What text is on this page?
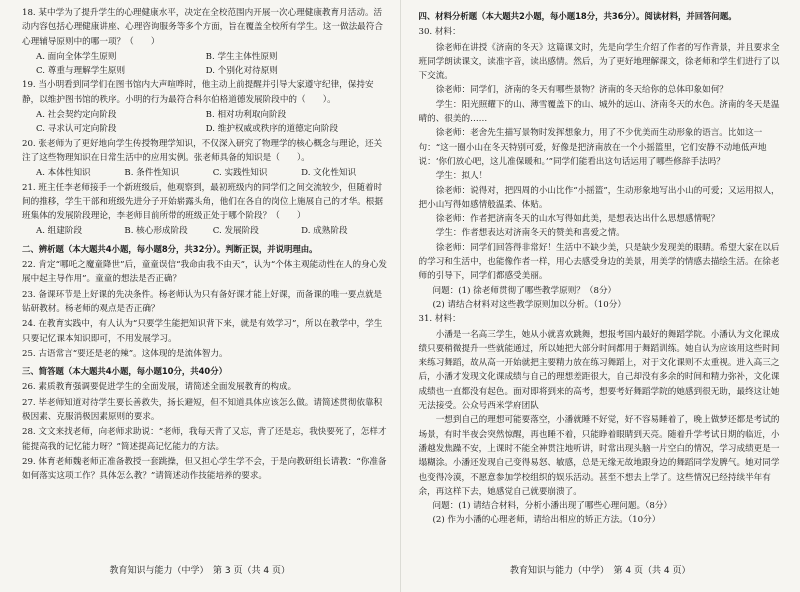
18. 某中学为了提升学生的心理健康水平，决定在全校范围内开展一次心理健康教育月活动。活动内容包括心理健康讲座、心理咨询服务等多个方面，旨在覆盖全校所有学生。这一做法最符合心理辅导原则中的哪一项？（　　）

A. 面向全体学生原则	B. 学生主体性原则
C. 尊重与理解学生原则	D. 个别化对待原则

19. 当小明看到同学们在图书馆内大声喧哗时，他主动上前提醒并引导大家遵守纪律，保持安静，以维护图书馆的秩序。小明的行为最符合科尔伯格道德发展阶段中的（　　）。

A. 社会契约定向阶段	B. 相对功利取向阶段
C. 寻求认可定向阶段	D. 维护权威或秩序的道德定向阶段

20. 张老师为了更好地向学生传授物理学知识，不仅深入研究了物理学的核心概念与理论，还关注了这些物理知识在日常生活中的应用实例。张老师具备的知识是（　　）。

A. 本体性知识	B. 条件性知识	C. 实践性知识	D. 文化性知识

21. 班主任李老师接手一个新班级后，他观察到，最初班级内的同学们之间交流较少，但随着时间的推移，学生干部和班级先进分子开始崭露头角，他们在各自的岗位上施展自己的才华。根据班集体的发展阶段理论，李老师目前所带的班级正处于哪个阶段？（　　）

A. 组建阶段	B. 核心形成阶段	C. 发展阶段	D. 成熟阶段
二、辨析题（本大题共4小题，每小题8分，共32分）。判断正误，并说明理由。

22. 肯定“哪吒之魔童降世”后，童童误信“我命由我不由天”，认为“个体主观能动性在人的身心发展中起主导作用”。童童的想法是否正确？

23. 备课环节是上好课的先决条件。杨老师认为只有备好课才能上好课，而备课的唯一要点就是钻研教材。杨老师的观点是否正确？

24. 在教育实践中，有人认为“只要学生能把知识背下来，就是有效学习”，所以在教学中，学生只要记忆课本知识即可，不用发展学习。

25. 古语常言“要还是老的辣”。这体现的是流体智力。

三、简答题（本大题共4小题，每小题10分，共40分）

26. 素质教育强调要促进学生的全面发展，请简述全面发展教育的构成。

27. 毕老师知道对待学生要长善救失，扬长避短，但不知道具体应该怎么做。请简述贯彻依靠积极因素、克服消极因素原则的要求。

28. 文文来找老师，向老师求助说：“老师，我每天背了又忘，背了还是忘，我快要死了，怎样才能提高我的记忆能力呀？”简述提高记忆能力的方法。

29. 体育老师魏老师正准备教授一套跳操，但又担心学生学不会，于是向教研组长请教：“你准备如何落实这项工作？具体怎么教？”请简述动作技能培养的要求。

教育知识与能力（中学）　第 3 页（共 4 页）
四、材料分析题（本大题共2小题，每小题18分，共36分）。阅读材料，并回答问题。

30. 材料：

徐老师在讲授《济南的冬天》这篇课文时，先是向学生介绍了作者的写作背景，并且要求全班同学朗读课文，读准字音，读出感情。然后，为了更好地理解课文，徐老师和学生们进行了以下交流。

徐老师：同学们，济南的冬天有哪些景物？济南的冬天给你的总体印象如何？

学生：阳光照耀下的山、薄雪覆盖下的山、城外的远山、济南冬天的水色。济南的冬天是温晴的、很美的……

徐老师：老舍先生描写景物时发挥想象力，用了不少优美而生动形象的语言。比如这一句：“这一圈小山在冬天特别可爱，好像是把济南放在一个小摇篮里，它们安静不动地低声地说：‘你们放心吧，这儿准保暖和。’”同学们能看出这句话运用了哪些修辞手法吗？

学生：拟人！

徐老师：说得对，把四周的小山比作“小摇篮”，生动形象地写出小山的可爱；又运用拟人，把小山写得如感情般温柔、体贴。

徐老师：作者把济南冬天的山水写得如此美，是想表达出什么思想感情呢？

学生：作者想表达对济南冬天的赞美和喜爱之情。

徐老师：同学们回答得非常好！生活中不缺少美，只是缺少发现美的眼睛。希望大家在以后的学习和生活中，也能像作者一样，用心去感受身边的美景，用美学的情感去描绘生活。在徐老师的引导下，同学们都感受美丽。

问题：(1) 徐老师贯彻了哪些教学原则？（8分）

(2) 请结合材料对这些教学原则加以分析。（10分）

31. 材料：

小潘是一名高三学生，她从小就喜欢跳舞，想报考国内最好的舞蹈学院。小潘认为文化课成绩只要稍微提升一些就能通过，所以她把大部分时间都用于舞蹈训练。她自认为应该用这些时间来练习舞蹈，故从高一开始就把主要精力放在练习舞蹈上，对于文化课则不太重视。进入高三之后，小潘才发现文化课成绩与自己的理想差距很大，自己却没有多余的时间和精力弥补，文化课成绩也一直都没有起色。面对即将到来的高考，想要考好舞蹈学院的她感到很无助，最终这让她无法接受。公众号西米学府团队

一想到自己的理想可能要落空，小潘就睡不好觉，好不容易睡着了，晚上做梦还都是考试的场景，有时半夜会突然惊醒，再也睡不着，只能睁着眼睛到天亮。随着升学考试日期的临近，小潘越发焦躁不安，上课时不能全神贯注地听讲，时常出现头脑一片空白的情况，学习成绩更是一塌糊涂。小潘还发现自己变得易怒、敏感，总是无缘无故地跟身边的舞蹈同学发脾气。她对同学也变得冷漠，不愿意参加学校组织的娱乐活动。甚至不想去上学了。这些情况已经持续半年有余，再这样下去，她感觉自己就要崩溃了。

问题：(1) 请结合材料，分析小潘出现了哪些心理问题。（8分）

(2) 作为小潘的心理老师，请给出相应的矫正方法。（10分）

教育知识与能力（中学）　第 4 页（共 4 页）
